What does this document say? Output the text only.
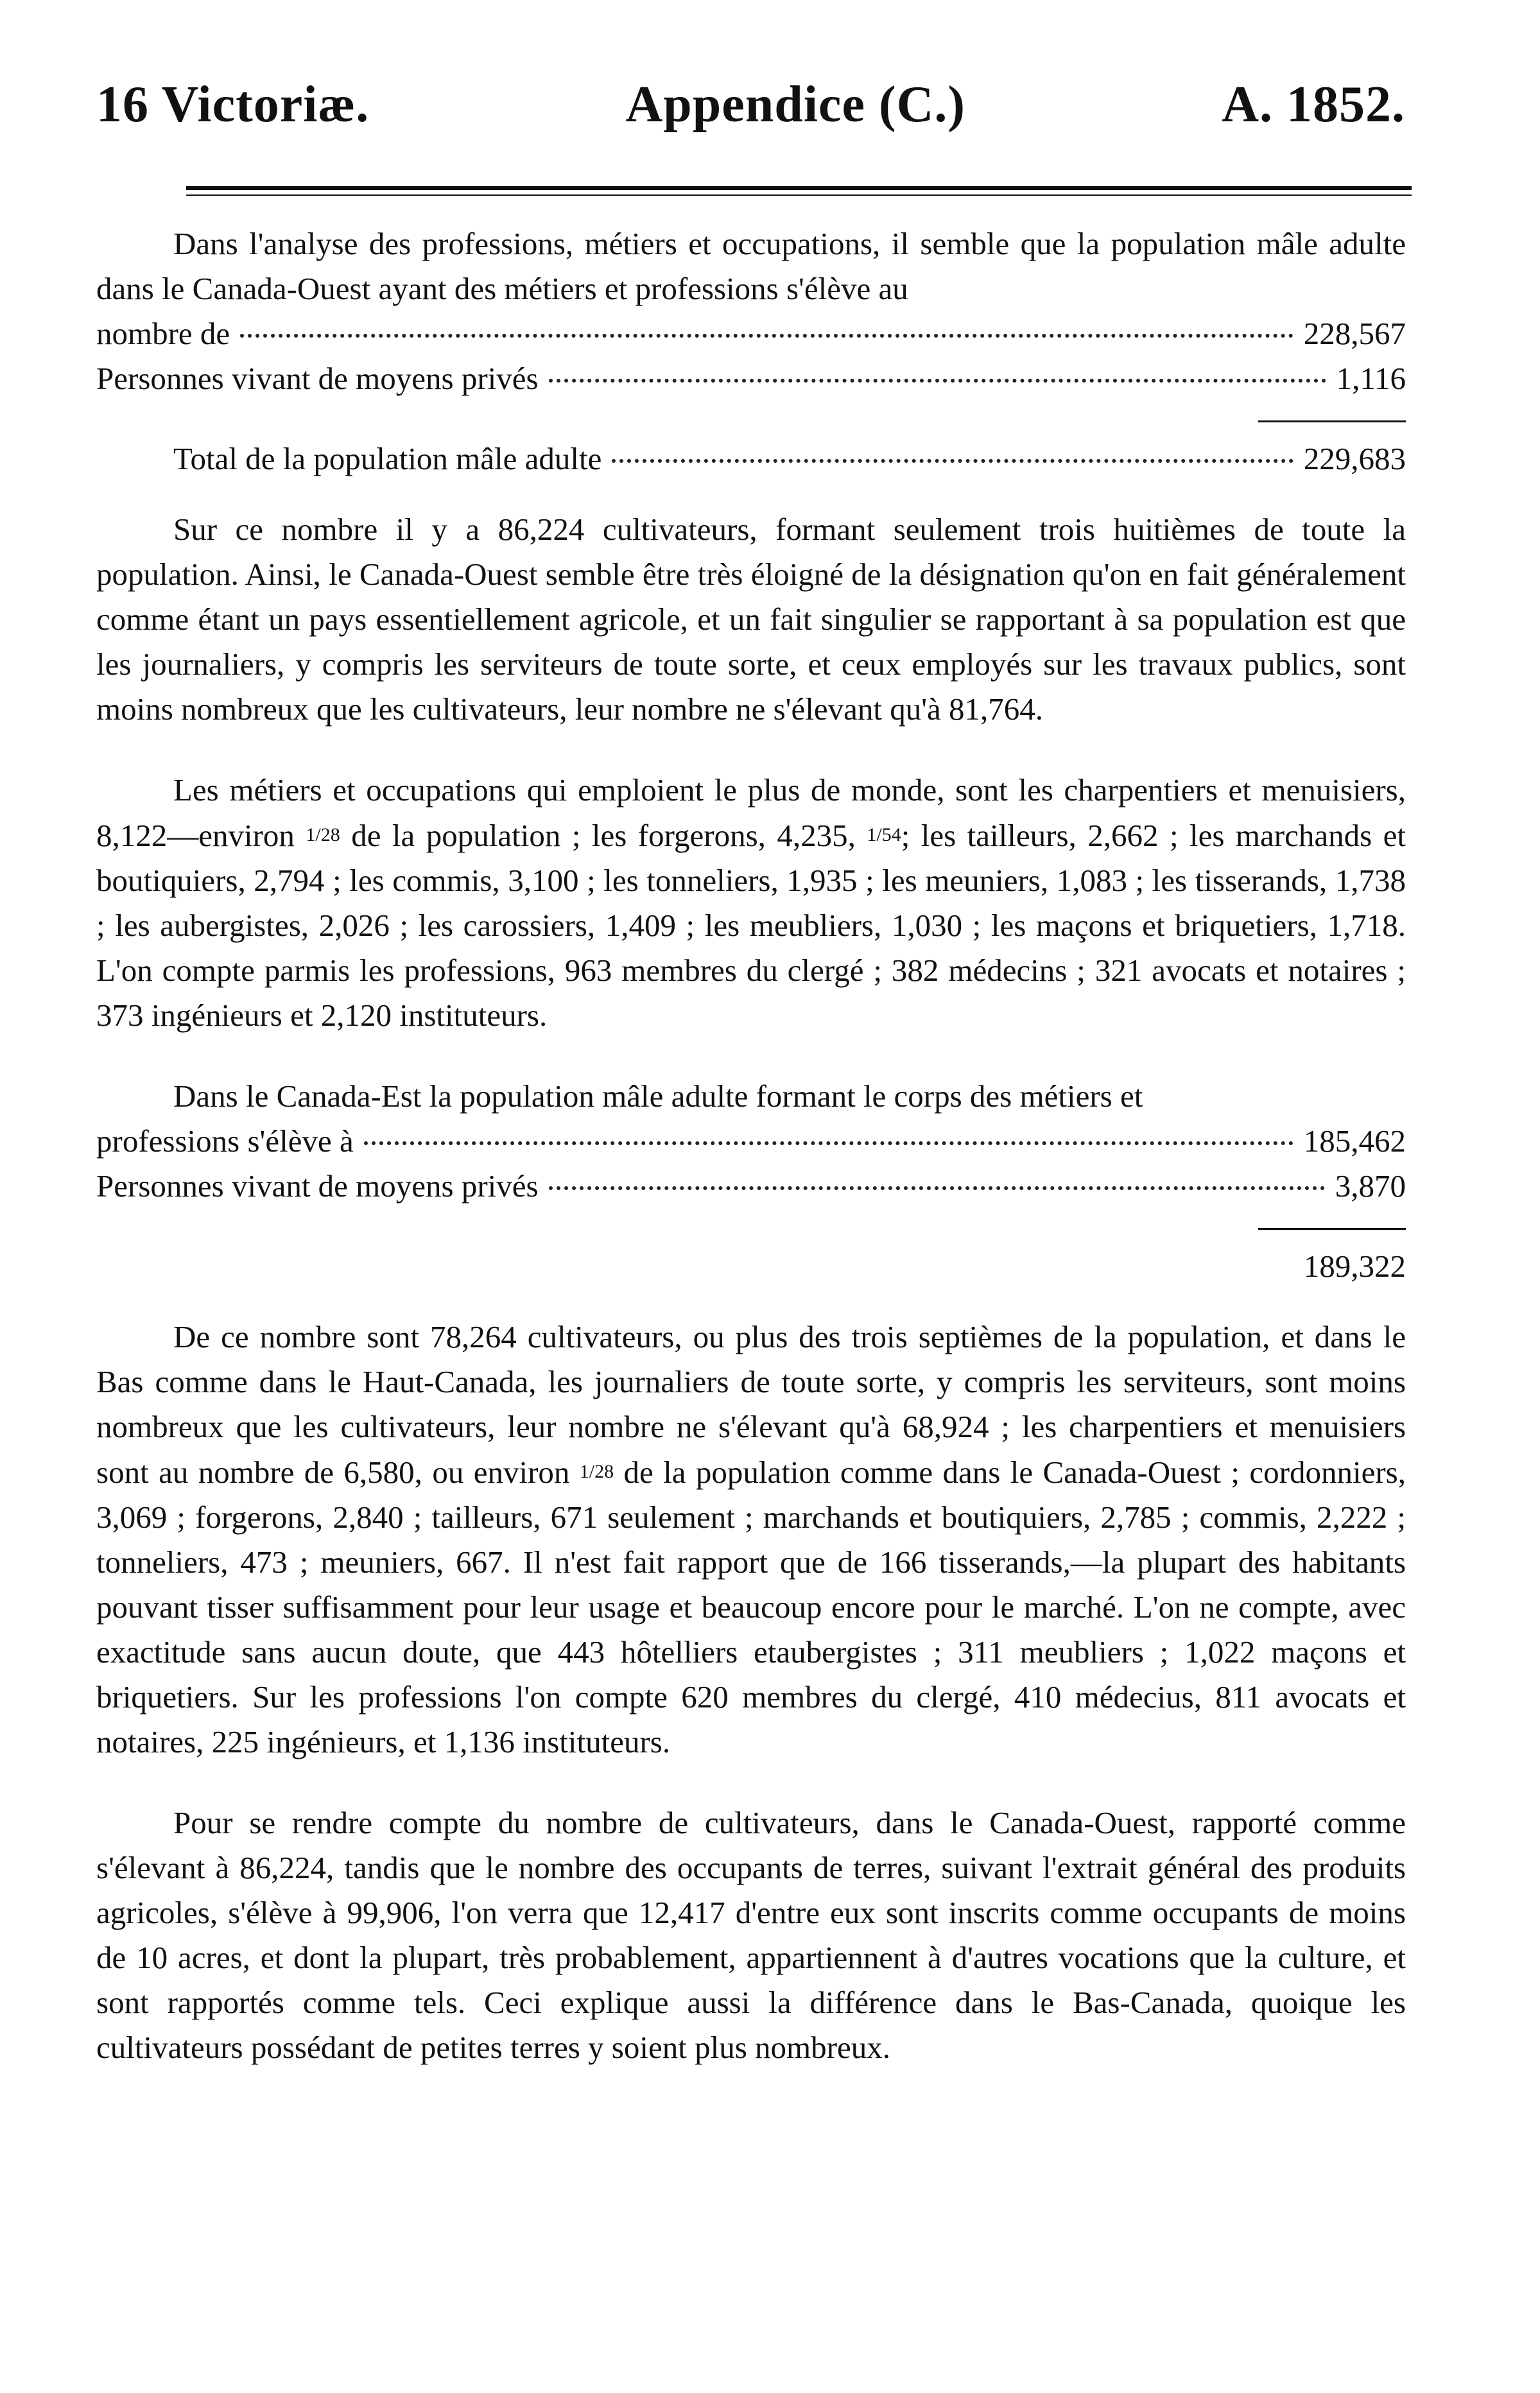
16 Victoriæ.	Appendice (C.)	A. 1852.

Dans l'analyse des professions, métiers et occupations, il semble que la population mâle adulte dans le Canada-Ouest ayant des métiers et professions s'élève au

nombre de	228,567
Personnes vivant de moyens privés	1,116
Total de la population mâle adulte	229,683

Sur ce nombre il y a 86,224 cultivateurs, formant seulement trois huitièmes de toute la population. Ainsi, le Canada-Ouest semble être très éloigné de la désignation qu'on en fait généralement comme étant un pays essentiellement agricole, et un fait singulier se rapportant à sa population est que les journaliers, y compris les serviteurs de toute sorte, et ceux employés sur les travaux publics, sont moins nombreux que les cultivateurs, leur nombre ne s'élevant qu'à 81,764.

Les métiers et occupations qui emploient le plus de monde, sont les charpentiers et menuisiers, 8,122—environ 1/28 de la population ; les forgerons, 4,235, 1/54; les tailleurs, 2,662 ; les marchands et boutiquiers, 2,794 ; les commis, 3,100 ; les tonneliers, 1,935 ; les meuniers, 1,083 ; les tisserands, 1,738 ; les aubergistes, 2,026 ; les carossiers, 1,409 ; les meubliers, 1,030 ; les maçons et briquetiers, 1,718. L'on compte parmis les professions, 963 membres du clergé ; 382 médecins ; 321 avocats et notaires ; 373 ingénieurs et 2,120 instituteurs.

Dans le Canada-Est la population mâle adulte formant le corps des métiers et

professions s'élève à	185,462
Personnes vivant de moyens privés	3,870
189,322

De ce nombre sont 78,264 cultivateurs, ou plus des trois septièmes de la population, et dans le Bas comme dans le Haut-Canada, les journaliers de toute sorte, y compris les serviteurs, sont moins nombreux que les cultivateurs, leur nombre ne s'élevant qu'à 68,924 ; les charpentiers et menuisiers sont au nombre de 6,580, ou environ 1/28 de la population comme dans le Canada-Ouest ; cordonniers, 3,069 ; forgerons, 2,840 ; tailleurs, 671 seulement ; marchands et boutiquiers, 2,785 ; commis, 2,222 ; tonneliers, 473 ; meuniers, 667. Il n'est fait rapport que de 166 tisserands,—la plupart des habitants pouvant tisser suffisamment pour leur usage et beaucoup encore pour le marché. L'on ne compte, avec exactitude sans aucun doute, que 443 hôtelliers etaubergistes ; 311 meubliers ; 1,022 maçons et briquetiers. Sur les professions l'on compte 620 membres du clergé, 410 médecius, 811 avocats et notaires, 225 ingénieurs, et 1,136 instituteurs.

Pour se rendre compte du nombre de cultivateurs, dans le Canada-Ouest, rapporté comme s'élevant à 86,224, tandis que le nombre des occupants de terres, suivant l'extrait général des produits agricoles, s'élève à 99,906, l'on verra que 12,417 d'entre eux sont inscrits comme occupants de moins de 10 acres, et dont la plupart, très probablement, appartiennent à d'autres vocations que la culture, et sont rapportés comme tels. Ceci explique aussi la différence dans le Bas-Canada, quoique les cultivateurs possédant de petites terres y soient plus nombreux.
